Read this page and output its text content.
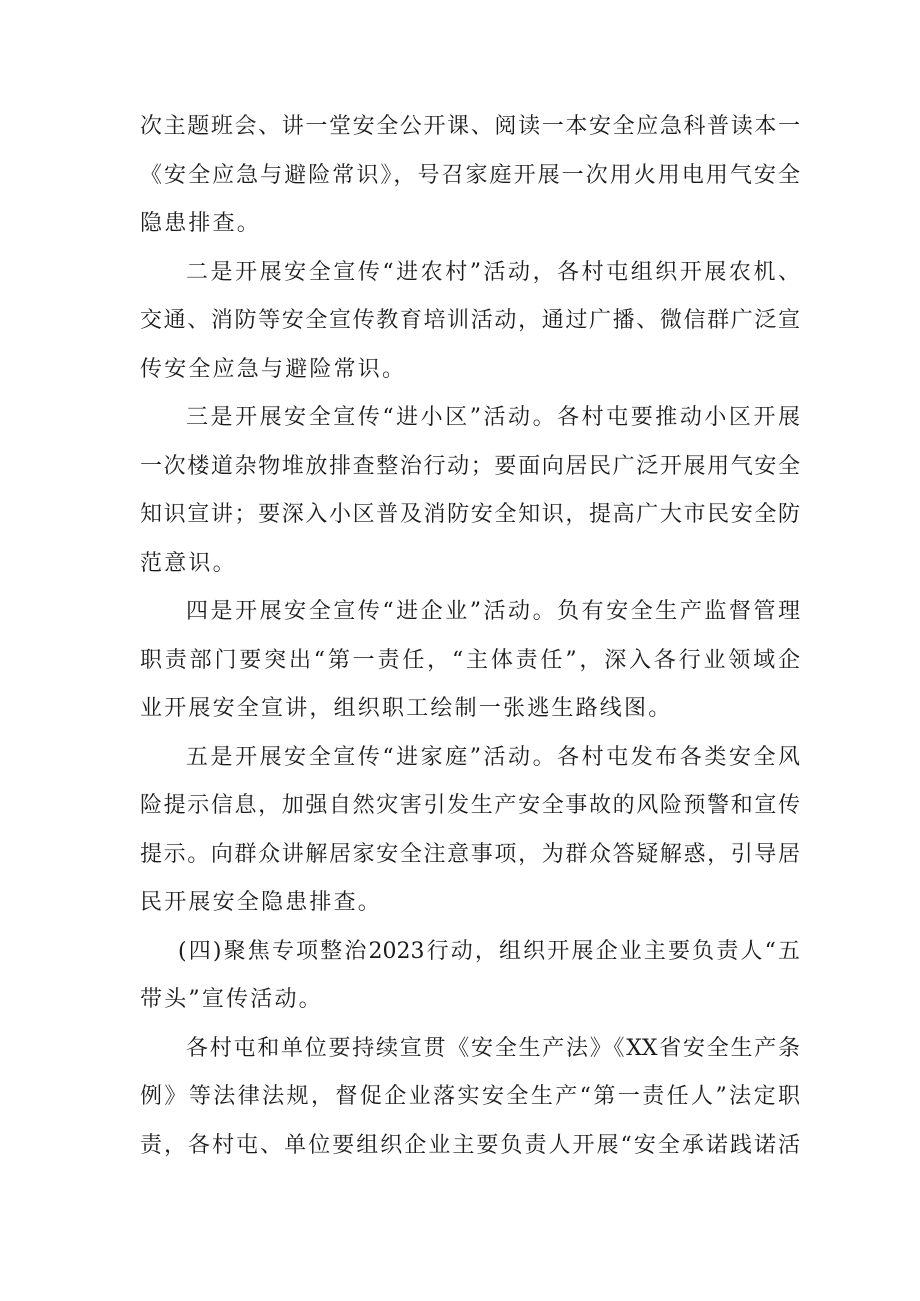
次主题班会、讲一堂安全公开课、阅读一本安全应急科普读本一
《安全应急与避险常识》，号召家庭开展一次用火用电用气安全
隐患排查。
二是开展安全宣传“进农村”活动，各村屯组织开展农机、
交通、消防等安全宣传教育培训活动，通过广播、微信群广泛宣
传安全应急与避险常识。
三是开展安全宣传“进小区”活动。各村屯要推动小区开展
一次楼道杂物堆放排查整治行动；要面向居民广泛开展用气安全
知识宣讲；要深入小区普及消防安全知识，提高广大市民安全防
范意识。
四是开展安全宣传“进企业”活动。负有安全生产监督管理
职责部门要突出“第一责任，“主体责任”，深入各行业领域企
业开展安全宣讲，组织职工绘制一张逃生路线图。
五是开展安全宣传“进家庭”活动。各村屯发布各类安全风
险提示信息，加强自然灾害引发生产安全事故的风险预警和宣传
提示。向群众讲解居家安全注意事项，为群众答疑解惑，引导居
民开展安全隐患排查。
(四)聚焦专项整治2023行动，组织开展企业主要负责人“五
带头”宣传活动。
各村屯和单位要持续宣贯《安全生产法》《XX省安全生产条
例》等法律法规，督促企业落实安全生产“第一责任人”法定职
责，各村屯、单位要组织企业主要负责人开展“安全承诺践诺活
